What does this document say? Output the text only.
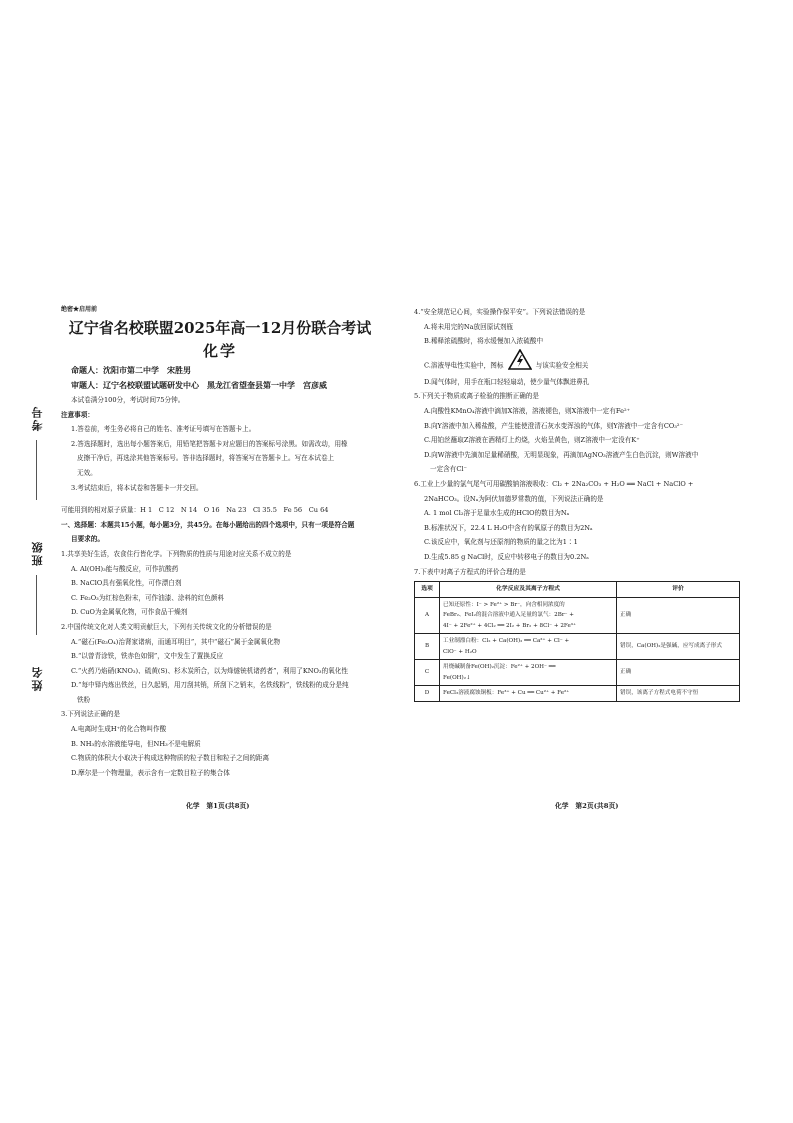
考号
班级
姓名
绝密★启用前
辽宁省名校联盟2025年高一12月份联合考试
化学
命题人：沈阳市第二中学　宋胜男
审题人：辽宁名校联盟试题研发中心　黑龙江省望奎县第一中学　宫彦威
本试卷满分100分，考试时间75分钟。
注意事项：
1.答卷前，考生务必将自己的姓名、准考证号填写在答题卡上。
2.答选择题时，选出每小题答案后，用铅笔把答题卡对应题目的答案标号涂黑。如需改动，用橡
皮擦干净后，再选涂其他答案标号。答非选择题时，将答案写在答题卡上。写在本试卷上
无效。
3.考试结束后，将本试卷和答题卡一并交回。
可能用到的相对原子质量：H 1　C 12　N 14　O 16　Na 23　Cl 35.5　Fe 56　Cu 64
一、选择题：本题共15小题，每小题3分，共45分。在每小题给出的四个选项中，只有一项是符合题
目要求的。
1.共享美好生活，农食住行皆化学。下列物质的性质与用途对应关系不成立的是
A. Al(OH)₃能与酸反应，可作抗酸药
B. NaClO具有强氧化性，可作漂白剂
C. Fe₂O₃为红棕色粉末，可作油漆、涂料的红色颜料
D. CuO为金属氧化物，可作食品干燥剂
2.中国传统文化对人类文明贡献巨大，下列有关传统文化的分析错误的是
A.“磁石(Fe₃O₄)治肾家诸病，而通耳明目”，其中“磁石”属于金属氧化物
B.“以曾青涂铁，铁赤色如铜”，文中发生了置换反应
C.“火药乃焰硝(KNO₃)、硫黄(S)、杉木炭所合，以为烽燧铳机诸药者”，利用了KNO₃的氧化性
D.“每中铎内炼出铁丝，日久起销，用刀刮其销，所刮下之销末，名铁线粉”，铁线粉的成分是纯
铁粉
3.下列说法正确的是
A.电离时生成H⁺的化合物叫作酸
B. NH₃的水溶液能导电，但NH₃不是电解质
C.物质的体积大小取决于构成这种物质的粒子数目和粒子之间的距离
D.摩尔是一个物理量，表示含有一定数目粒子的集合体
4.“安全规范记心间，实验操作保平安”。下列说法错误的是
A.将未用完的Na放回原试剂瓶
B.稀释浓硫酸时，将水缓慢加入浓硫酸中
C.溶液导电性实验中，图标	与该实验安全相关
D.闻气体时，用手在瓶口轻轻扇动，使少量气体飘进鼻孔
5.下列关于物质或离子检验的推断正确的是
A.向酸性KMnO₄溶液中滴加X溶液，溶液褪色，则X溶液中一定有Fe²⁺
B.向Y溶液中加入稀盐酸，产生能使澄清石灰水变浑浊的气体，则Y溶液中一定含有CO₃²⁻
C.用铂丝蘸取Z溶液在酒精灯上灼烧，火焰呈黄色，则Z溶液中一定没有K⁺
D.向W溶液中先滴加足量稀硝酸，无明显现象，再滴加AgNO₃溶液产生白色沉淀，则W溶液中
一定含有Cl⁻
6.工业上少量的氯气尾气可用碳酸钠溶液吸收：Cl₂ + 2Na₂CO₃ + H₂O ══ NaCl + NaClO +
2NaHCO₃。设Nₐ为阿伏加德罗常数的值，下列说法正确的是
A. 1 mol Cl₂溶于足量水生成的HClO的数目为Nₐ
B.标准状况下，22.4 L H₂O中含有的氧原子的数目为2Nₐ
C.该反应中，氧化剂与还原剂的物质的量之比为1∶1
D.生成5.85 g NaCl时，反应中转移电子的数目为0.2Nₐ
7.下表中对离子方程式的评价合理的是
选项	化学反应及其离子方程式	评价
A	已知还原性：I⁻ > Fe²⁺ > Br⁻，向含相同浓度的
FeBr₂、FeI₂的混合溶液中通入足量的氯气：2Br⁻ +
4I⁻ + 2Fe²⁺ + 4Cl₂ ══ 2I₂ + Br₂ + 8Cl⁻ + 2Fe³⁺	正确
B	工业制漂白粉：Cl₂ + Ca(OH)₂ ══ Ca²⁺ + Cl⁻ +
ClO⁻ + H₂O	错误，Ca(OH)₂是强碱，应写成离子形式
C	用烧碱制备Fe(OH)₂沉淀：Fe²⁺ + 2OH⁻ ══
Fe(OH)₂↓	正确
D	FeCl₃溶液腐蚀铜板：Fe³⁺ + Cu ══ Cu²⁺ + Fe²⁺	错误，该离子方程式电荷不守恒
化学　第1页(共8页)	化学　第2页(共8页)
